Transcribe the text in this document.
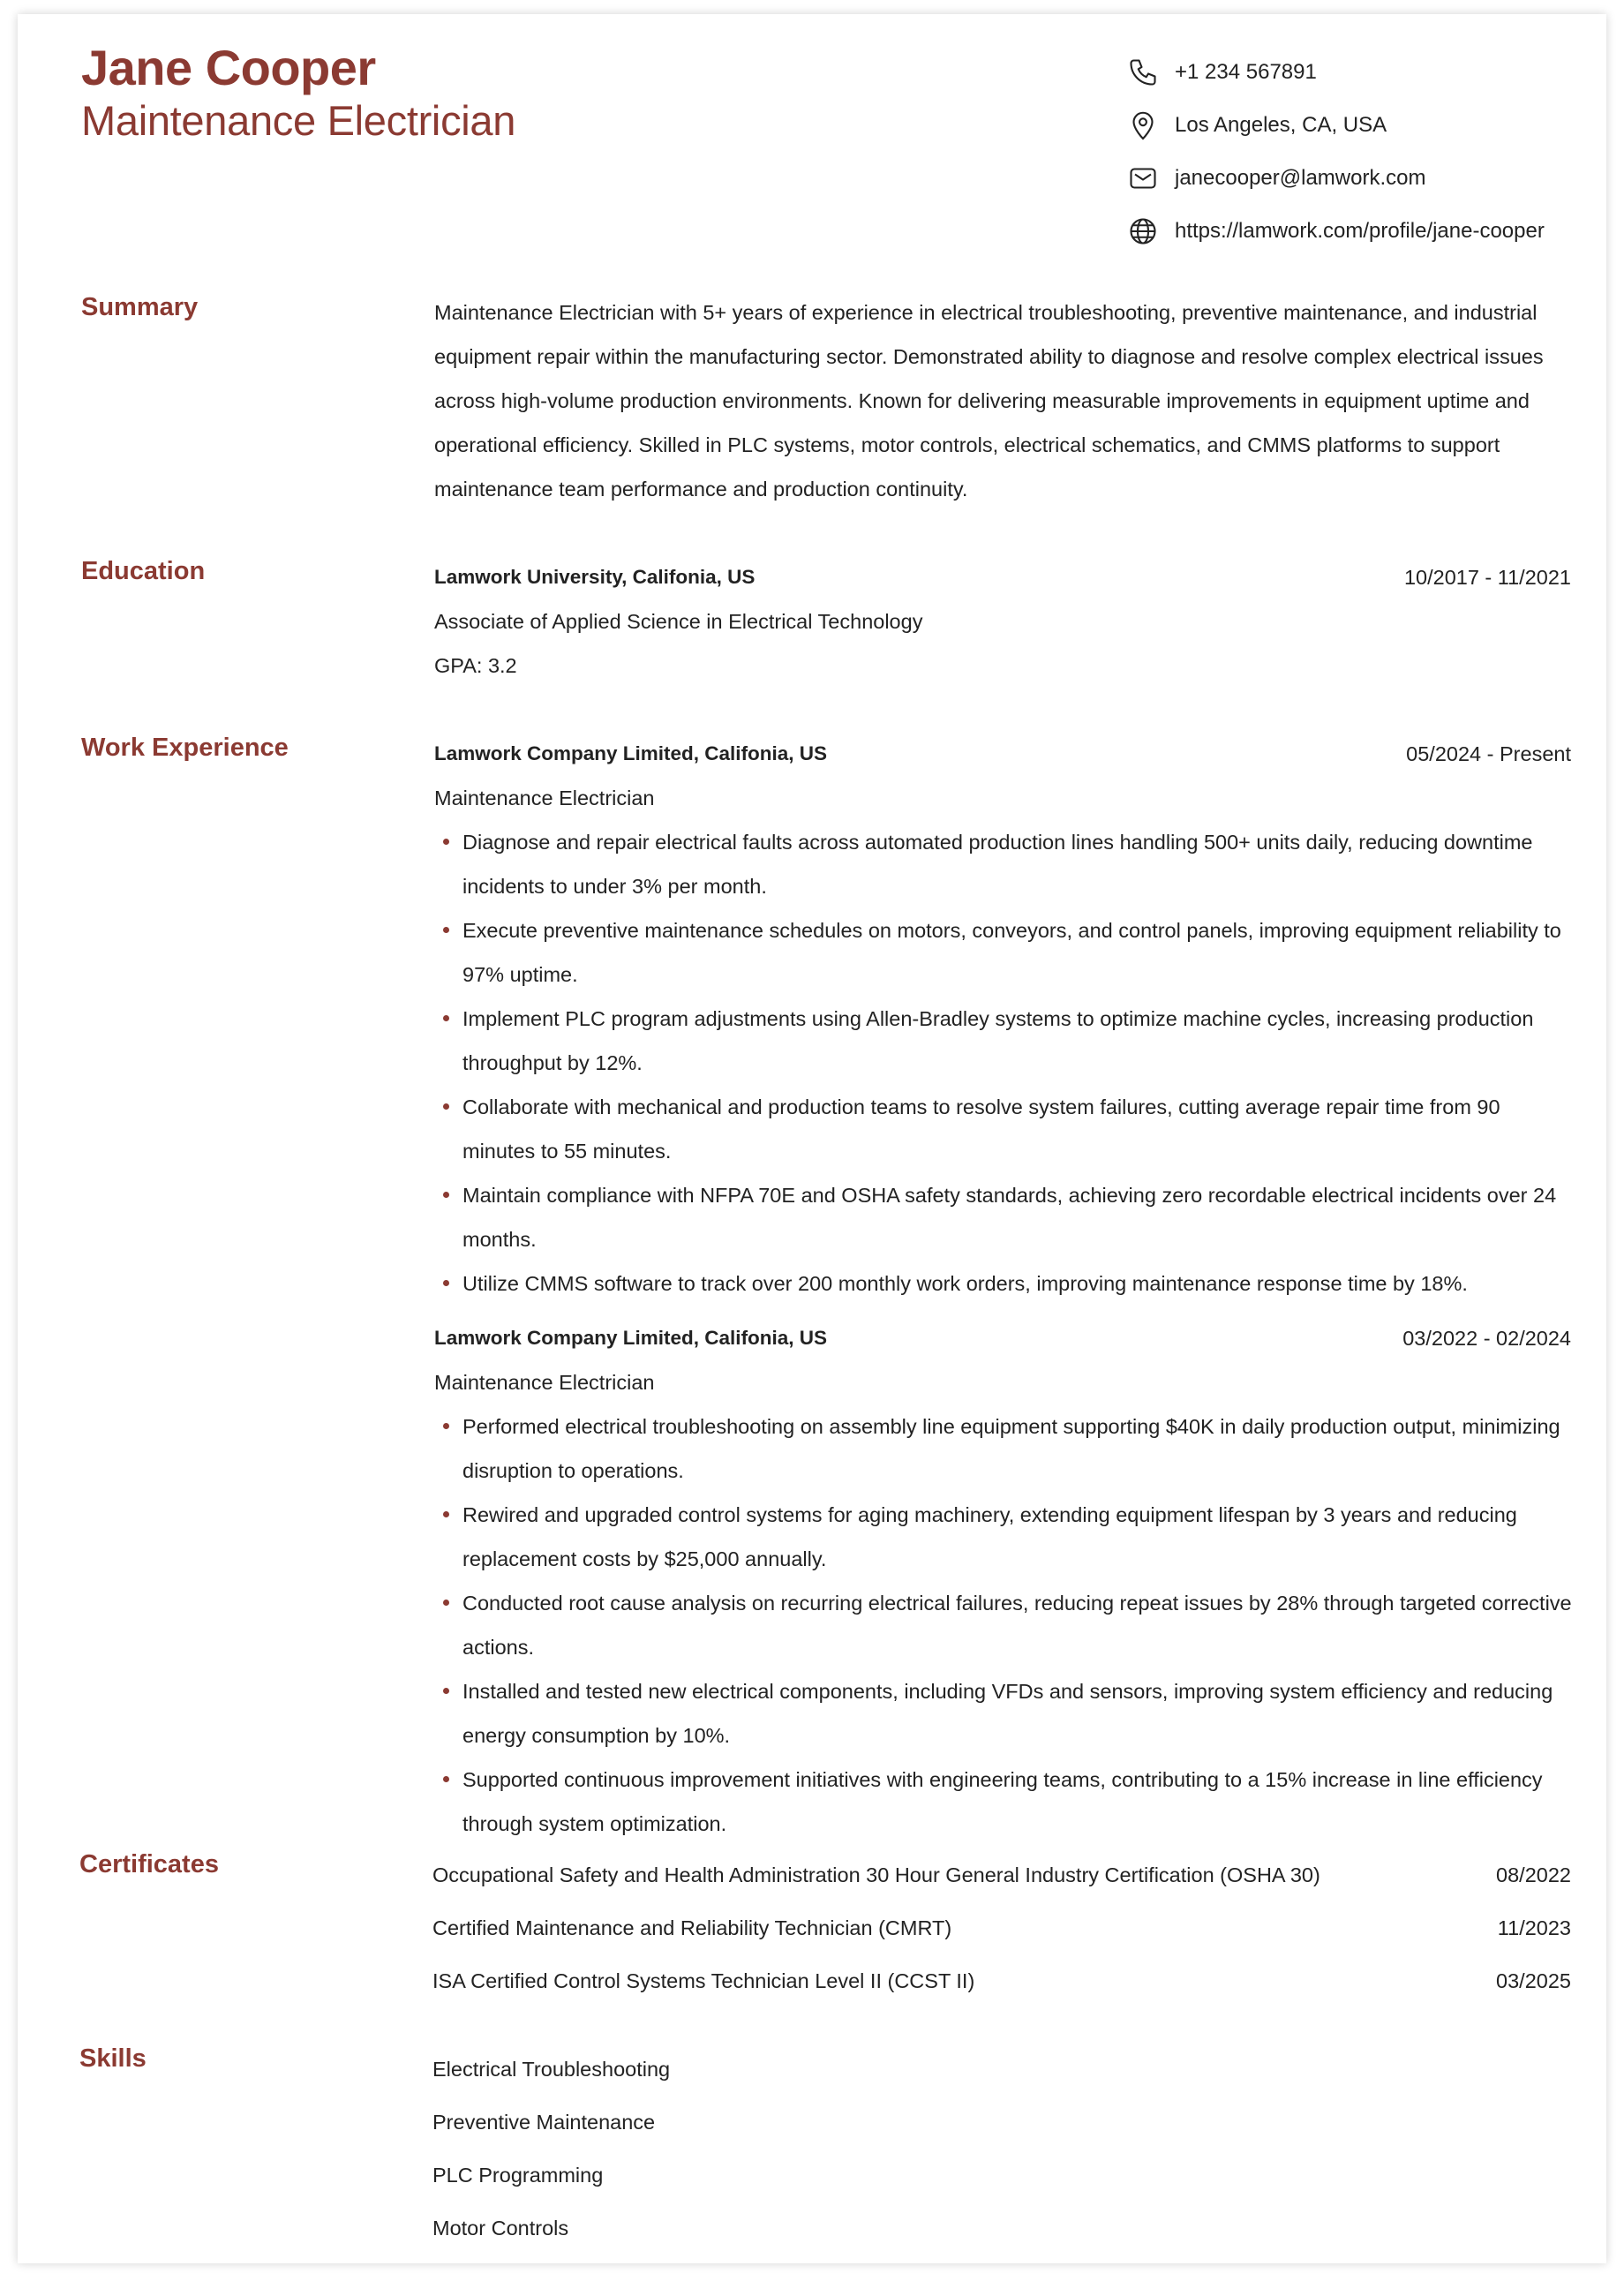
Jane Cooper
Maintenance Electrician
+1 234 567891
Los Angeles, CA, USA
janecooper@lamwork.com
https://lamwork.com/profile/jane-cooper
Summary	Maintenance Electrician with 5+ years of experience in electrical troubleshooting, preventive maintenance, and industrial equipment repair within the manufacturing sector. Demonstrated ability to diagnose and resolve complex electrical issues across high-volume production environments. Known for delivering measurable improvements in equipment uptime and operational efficiency. Skilled in PLC systems, motor controls, electrical schematics, and CMMS platforms to support maintenance team performance and production continuity.
Education	Lamwork University, Califonia, US	10/2017 - 11/2021
Associate of Applied Science in Electrical Technology
GPA: 3.2
Work Experience	Lamwork Company Limited, Califonia, US	05/2024 - Present
Maintenance Electrician
Diagnose and repair electrical faults across automated production lines handling 500+ units daily, reducing downtime incidents to under 3% per month.
Execute preventive maintenance schedules on motors, conveyors, and control panels, improving equipment reliability to 97% uptime.
Implement PLC program adjustments using Allen-Bradley systems to optimize machine cycles, increasing production throughput by 12%.
Collaborate with mechanical and production teams to resolve system failures, cutting average repair time from 90 minutes to 55 minutes.
Maintain compliance with NFPA 70E and OSHA safety standards, achieving zero recordable electrical incidents over 24 months.
Utilize CMMS software to track over 200 monthly work orders, improving maintenance response time by 18%.
Lamwork Company Limited, Califonia, US	03/2022 - 02/2024
Maintenance Electrician
Performed electrical troubleshooting on assembly line equipment supporting $40K in daily production output, minimizing disruption to operations.
Rewired and upgraded control systems for aging machinery, extending equipment lifespan by 3 years and reducing replacement costs by $25,000 annually.
Conducted root cause analysis on recurring electrical failures, reducing repeat issues by 28% through targeted corrective actions.
Installed and tested new electrical components, including VFDs and sensors, improving system efficiency and reducing energy consumption by 10%.
Supported continuous improvement initiatives with engineering teams, contributing to a 15% increase in line efficiency through system optimization.
Certificates	Occupational Safety and Health Administration 30 Hour General Industry Certification (OSHA 30)	08/2022
Certified Maintenance and Reliability Technician (CMRT)	11/2023
ISA Certified Control Systems Technician Level II (CCST II)	03/2025
Skills	Electrical Troubleshooting
Preventive Maintenance
PLC Programming
Motor Controls
